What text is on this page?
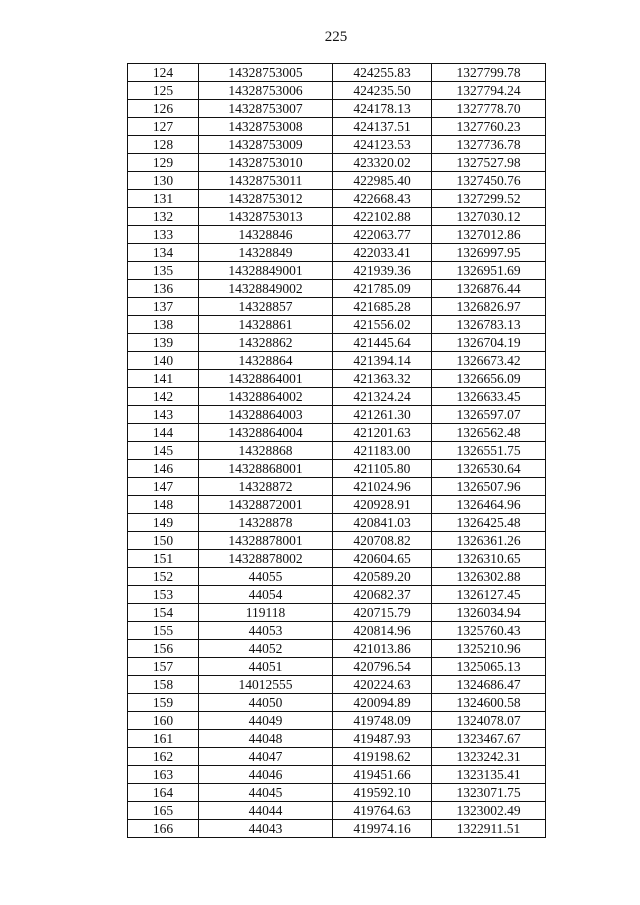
225
124	14328753005	424255.83	1327799.78
125	14328753006	424235.50	1327794.24
126	14328753007	424178.13	1327778.70
127	14328753008	424137.51	1327760.23
128	14328753009	424123.53	1327736.78
129	14328753010	423320.02	1327527.98
130	14328753011	422985.40	1327450.76
131	14328753012	422668.43	1327299.52
132	14328753013	422102.88	1327030.12
133	14328846	422063.77	1327012.86
134	14328849	422033.41	1326997.95
135	14328849001	421939.36	1326951.69
136	14328849002	421785.09	1326876.44
137	14328857	421685.28	1326826.97
138	14328861	421556.02	1326783.13
139	14328862	421445.64	1326704.19
140	14328864	421394.14	1326673.42
141	14328864001	421363.32	1326656.09
142	14328864002	421324.24	1326633.45
143	14328864003	421261.30	1326597.07
144	14328864004	421201.63	1326562.48
145	14328868	421183.00	1326551.75
146	14328868001	421105.80	1326530.64
147	14328872	421024.96	1326507.96
148	14328872001	420928.91	1326464.96
149	14328878	420841.03	1326425.48
150	14328878001	420708.82	1326361.26
151	14328878002	420604.65	1326310.65
152	44055	420589.20	1326302.88
153	44054	420682.37	1326127.45
154	119118	420715.79	1326034.94
155	44053	420814.96	1325760.43
156	44052	421013.86	1325210.96
157	44051	420796.54	1325065.13
158	14012555	420224.63	1324686.47
159	44050	420094.89	1324600.58
160	44049	419748.09	1324078.07
161	44048	419487.93	1323467.67
162	44047	419198.62	1323242.31
163	44046	419451.66	1323135.41
164	44045	419592.10	1323071.75
165	44044	419764.63	1323002.49
166	44043	419974.16	1322911.51
